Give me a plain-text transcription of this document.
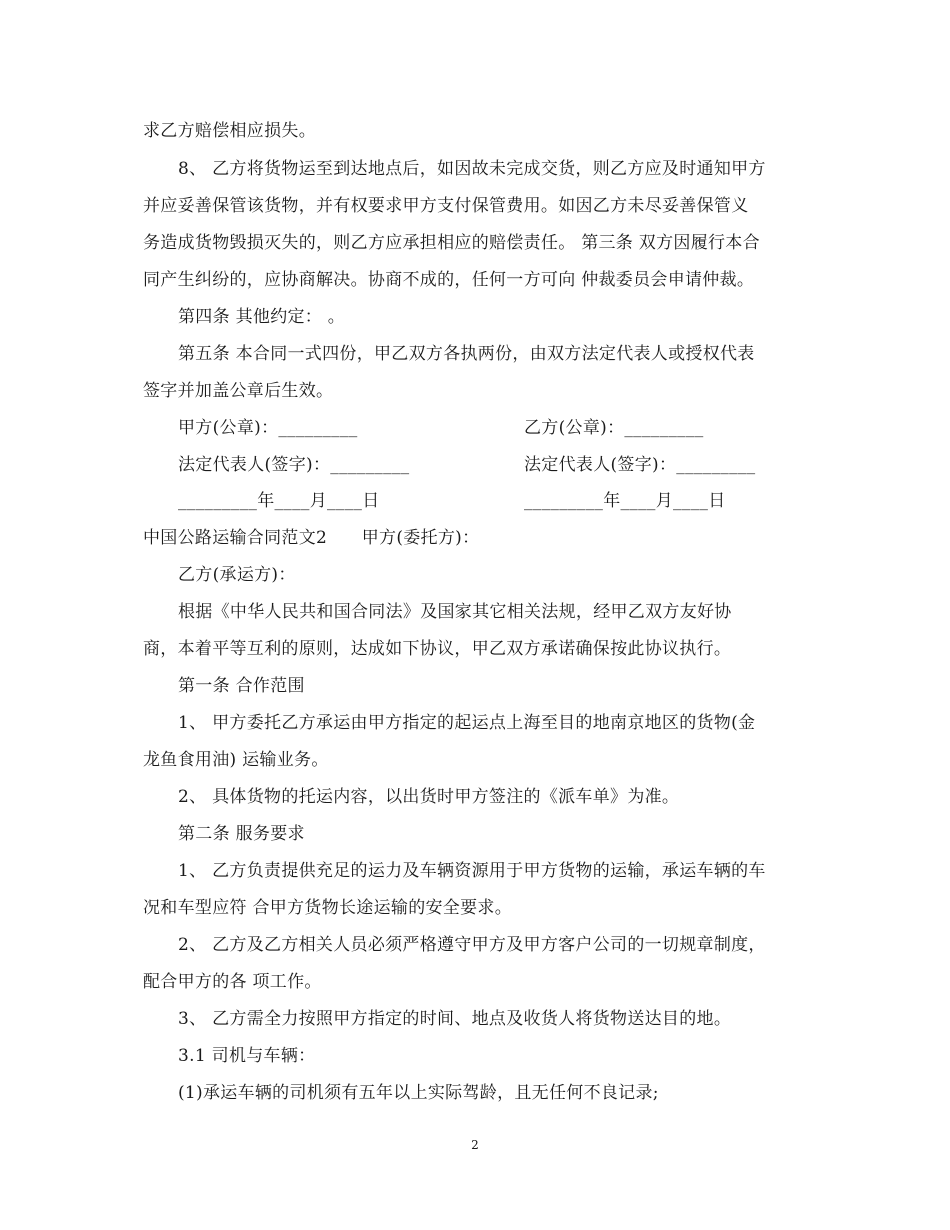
求乙方赔偿相应损失。
8、 乙方将货物运至到达地点后，如因故未完成交货，则乙方应及时通知甲方
并应妥善保管该货物，并有权要求甲方支付保管费用。如因乙方未尽妥善保管义
务造成货物毁损灭失的，则乙方应承担相应的赔偿责任。 第三条 双方因履行本合
同产生纠纷的，应协商解决。协商不成的，任何一方可向 仲裁委员会申请仲裁。
第四条 其他约定： 。
第五条 本合同一式四份，甲乙双方各执两份，由双方法定代表人或授权代表
签字并加盖公章后生效。
甲方(公章)：_________	乙方(公章)：_________
法定代表人(签字)：_________	法定代表人(签字)：_________
_________年____月____日	_________年____月____日
中国公路运输合同范文2　　甲方(委托方)：
乙方(承运方)：
根据《中华人民共和国合同法》及国家其它相关法规，经甲乙双方友好协
商，本着平等互利的原则，达成如下协议，甲乙双方承诺确保按此协议执行。
第一条 合作范围
1、 甲方委托乙方承运由甲方指定的起运点上海至目的地南京地区的货物(金
龙鱼食用油) 运输业务。
2、 具体货物的托运内容，以出货时甲方签注的《派车单》为准。
第二条 服务要求
1、 乙方负责提供充足的运力及车辆资源用于甲方货物的运输，承运车辆的车
况和车型应符 合甲方货物长途运输的安全要求。
2、 乙方及乙方相关人员必须严格遵守甲方及甲方客户公司的一切规章制度，
配合甲方的各 项工作。
3、 乙方需全力按照甲方指定的时间、地点及收货人将货物送达目的地。
3.1 司机与车辆：
(1)承运车辆的司机须有五年以上实际驾龄，且无任何不良记录;
2
